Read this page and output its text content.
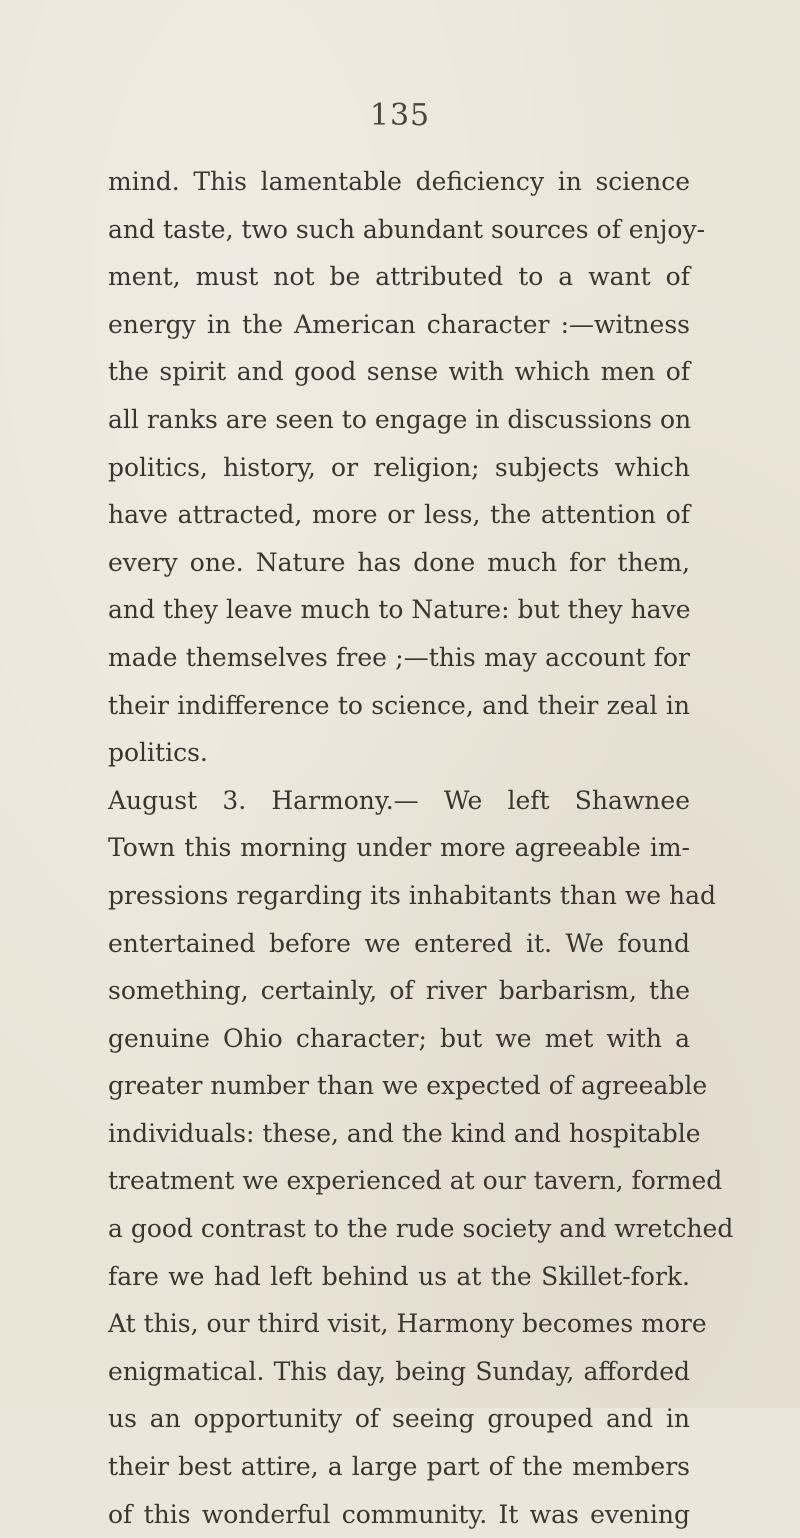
135
mind. This lamentable deficiency in science
and taste, two such abundant sources of enjoy-
ment, must not be attributed to a want of
energy in the American character :—witness
the spirit and good sense with which men of
all ranks are seen to engage in discussions on
politics, history, or religion; subjects which
have attracted, more or less, the attention of
every one. Nature has done much for them,
and they leave much to Nature: but they have
made themselves free ;—this may account for
their indifference to science, and their zeal in
politics.
August 3. Harmony.— We left Shawnee
Town this morning under more agreeable im-
pressions regarding its inhabitants than we had
entertained before we entered it. We found
something, certainly, of river barbarism, the
genuine Ohio character; but we met with a
greater number than we expected of agreeable
individuals: these, and the kind and hospitable
treatment we experienced at our tavern, formed
a good contrast to the rude society and wretched
fare we had left behind us at the Skillet-fork.
At this, our third visit, Harmony becomes more
enigmatical. This day, being Sunday, afforded
us an opportunity of seeing grouped and in
their best attire, a large part of the members
of this wonderful community. It was evening
